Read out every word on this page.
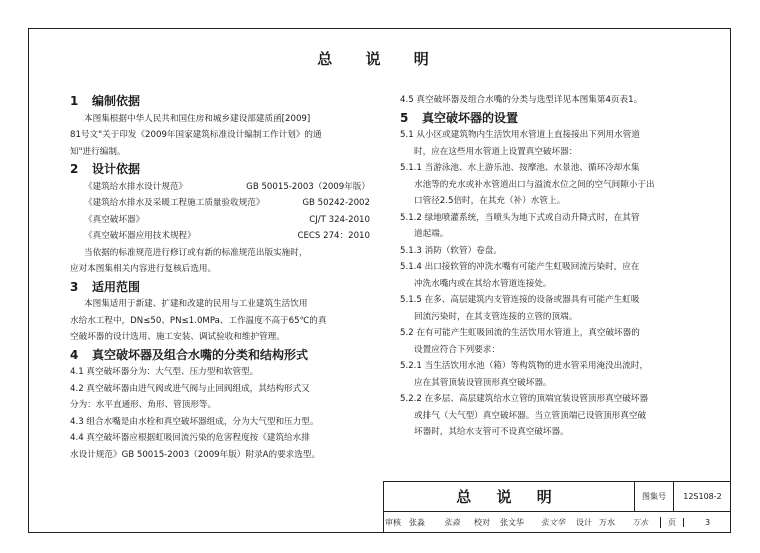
总 说 明
1 编制依据
本图集根据中华人民共和国住房和城乡建设部建质函[2009]
81号文"关于印发《2009年国家建筑标准设计编制工作计划》的通
知"进行编制。
2 设计依据
《建筑给水排水设计规范》	GB 50015-2003（2009年版）
《建筑给水排水及采暖工程施工质量验收规范》	GB 50242-2002
《真空破坏器》	CJ/T 324-2010
《真空破坏器应用技术规程》	CECS 274：2010
当依据的标准规范进行修订或有新的标准规范出版实施时，
应对本图集相关内容进行复核后选用。
3 适用范围
本图集适用于新建、扩建和改建的民用与工业建筑生活饮用
水给水工程中，DN≤50、PN≤1.0MPa、工作温度不高于65℃的真
空破坏器的设计选用、施工安装、调试验收和维护管理。
4 真空破坏器及组合水嘴的分类和结构形式
4.1 真空破坏器分为：大气型、压力型和软管型。
4.2 真空破坏器由进气阀或进气阀与止回阀组成，其结构形式又
分为：水平直通形、角形、管顶形等。
4.3 组合水嘴是由水栓和真空破坏器组成，分为大气型和压力型。
4.4 真空破坏器应根据虹吸回流污染的危害程度按《建筑给水排
水设计规范》GB 50015-2003（2009年版）附录A的要求选型。
4.5 真空破坏器及组合水嘴的分类与选型详见本图集第4页表1。
5 真空破坏器的设置
5.1 从小区或建筑物内生活饮用水管道上直接接出下列用水管道
时，应在这些用水管道上设置真空破坏器：
5.1.1 当游泳池、水上游乐池、按摩池、水景池、循环冷却水集
水池等的充水或补水管道出口与溢流水位之间的空气间隙小于出
口管径2.5倍时，在其充（补）水管上。
5.1.2 绿地喷灌系统，当喷头为地下式或自动升降式时，在其管
道起端。
5.1.3 消防（软管）卷盘。
5.1.4 出口接软管的冲洗水嘴有可能产生虹吸回流污染时，应在
冲洗水嘴内或在其给水管道连接处。
5.1.5 在多、高层建筑内支管连接的设备或器具有可能产生虹吸
回流污染时，在其支管连接的立管的顶端。
5.2 在有可能产生虹吸回流的生活饮用水管道上，真空破坏器的
设置应符合下列要求：
5.2.1 当生活饮用水池（箱）等构筑物的进水管采用淹没出流时，
应在其管顶装设管顶形真空破坏器。
5.2.2 在多层、高层建筑给水立管的顶端宜装设管顶形真空破坏器
或排气（大气型）真空破坏器。当立管顶端已设管顶形真空破
坏器时，其给水支管可不设真空破坏器。
总 说 明	图集号	12S108-2
审核	张淼	张淼	校对	张文华	张文华	设计 万水	万水	页	3
